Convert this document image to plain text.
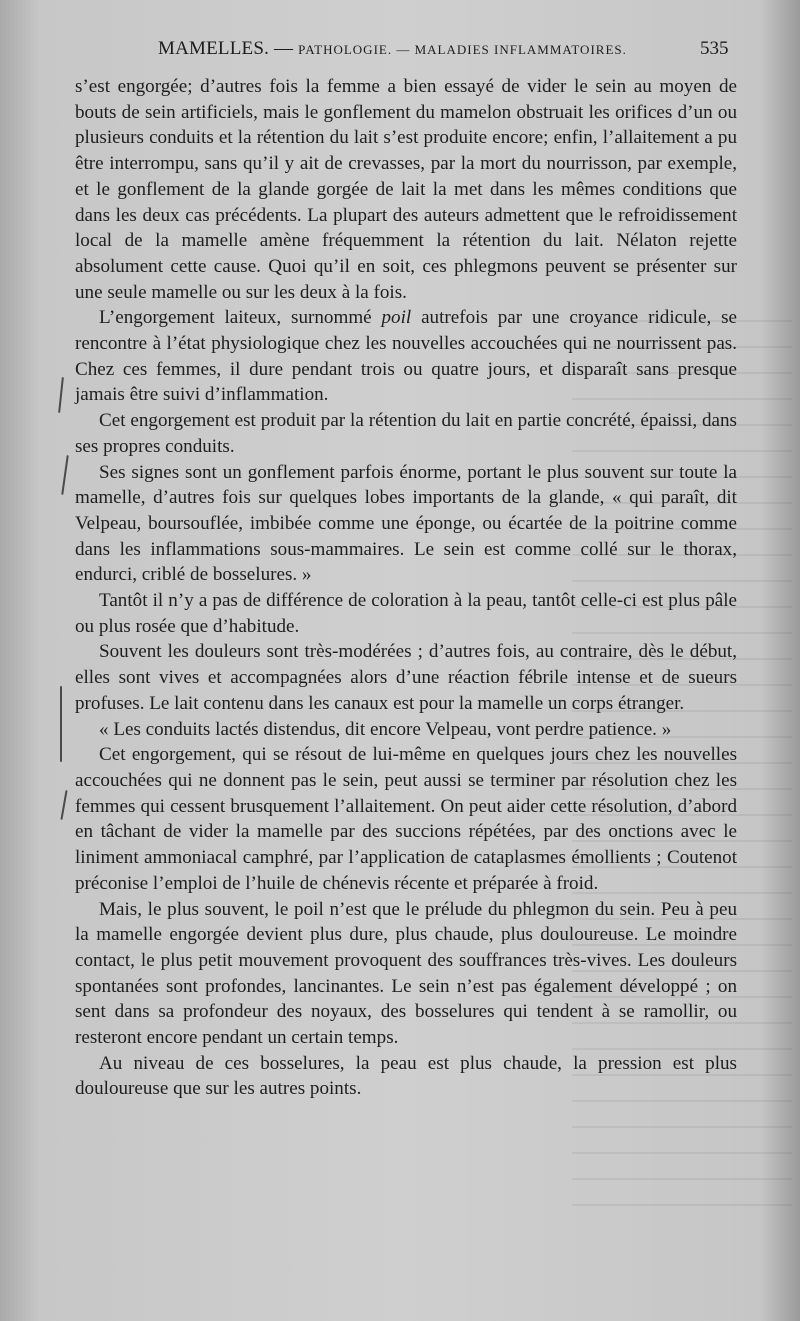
MAMELLES. — PATHOLOGIE. — MALADIES INFLAMMATOIRES.	535

s’est engorgée; d’autres fois la femme a bien essayé de vider le sein au moyen de bouts de sein artificiels, mais le gonflement du mamelon obstruait les orifices d’un ou plusieurs conduits et la rétention du lait s’est produite encore; enfin, l’allaitement a pu être interrompu, sans qu’il y ait de crevasses, par la mort du nourrisson, par exemple, et le gonflement de la glande gorgée de lait la met dans les mêmes conditions que dans les deux cas précédents. La plupart des auteurs admettent que le refroidissement local de la mamelle amène fréquemment la rétention du lait. Nélaton rejette absolument cette cause. Quoi qu’il en soit, ces phlegmons peuvent se présenter sur une seule mamelle ou sur les deux à la fois.

L’engorgement laiteux, surnommé poil autrefois par une croyance ridicule, se rencontre à l’état physiologique chez les nouvelles accouchées qui ne nourrissent pas. Chez ces femmes, il dure pendant trois ou quatre jours, et disparaît sans presque jamais être suivi d’inflammation.

Cet engorgement est produit par la rétention du lait en partie concrété, épaissi, dans ses propres conduits.

Ses signes sont un gonflement parfois énorme, portant le plus souvent sur toute la mamelle, d’autres fois sur quelques lobes importants de la glande, « qui paraît, dit Velpeau, boursouflée, imbibée comme une éponge, ou écartée de la poitrine comme dans les inflammations sous-mammaires. Le sein est comme collé sur le thorax, endurci, criblé de bosselures. »

Tantôt il n’y a pas de différence de coloration à la peau, tantôt celle-ci est plus pâle ou plus rosée que d’habitude.

Souvent les douleurs sont très-modérées ; d’autres fois, au contraire, dès le début, elles sont vives et accompagnées alors d’une réaction fébrile intense et de sueurs profuses. Le lait contenu dans les canaux est pour la mamelle un corps étranger.

« Les conduits lactés distendus, dit encore Velpeau, vont perdre patience. »

Cet engorgement, qui se résout de lui-même en quelques jours chez les nouvelles accouchées qui ne donnent pas le sein, peut aussi se terminer par résolution chez les femmes qui cessent brusquement l’allaitement. On peut aider cette résolution, d’abord en tâchant de vider la mamelle par des succions répétées, par des onctions avec le liniment ammoniacal camphré, par l’application de cataplasmes émollients ; Coutenot préconise l’emploi de l’huile de chénevis récente et préparée à froid.

Mais, le plus souvent, le poil n’est que le prélude du phlegmon du sein. Peu à peu la mamelle engorgée devient plus dure, plus chaude, plus douloureuse. Le moindre contact, le plus petit mouvement provoquent des souffrances très-vives. Les douleurs spontanées sont profondes, lancinantes. Le sein n’est pas également développé ; on sent dans sa profondeur des noyaux, des bosselures qui tendent à se ramollir, ou resteront encore pendant un certain temps.

Au niveau de ces bosselures, la peau est plus chaude, la pression est plus douloureuse que sur les autres points.
